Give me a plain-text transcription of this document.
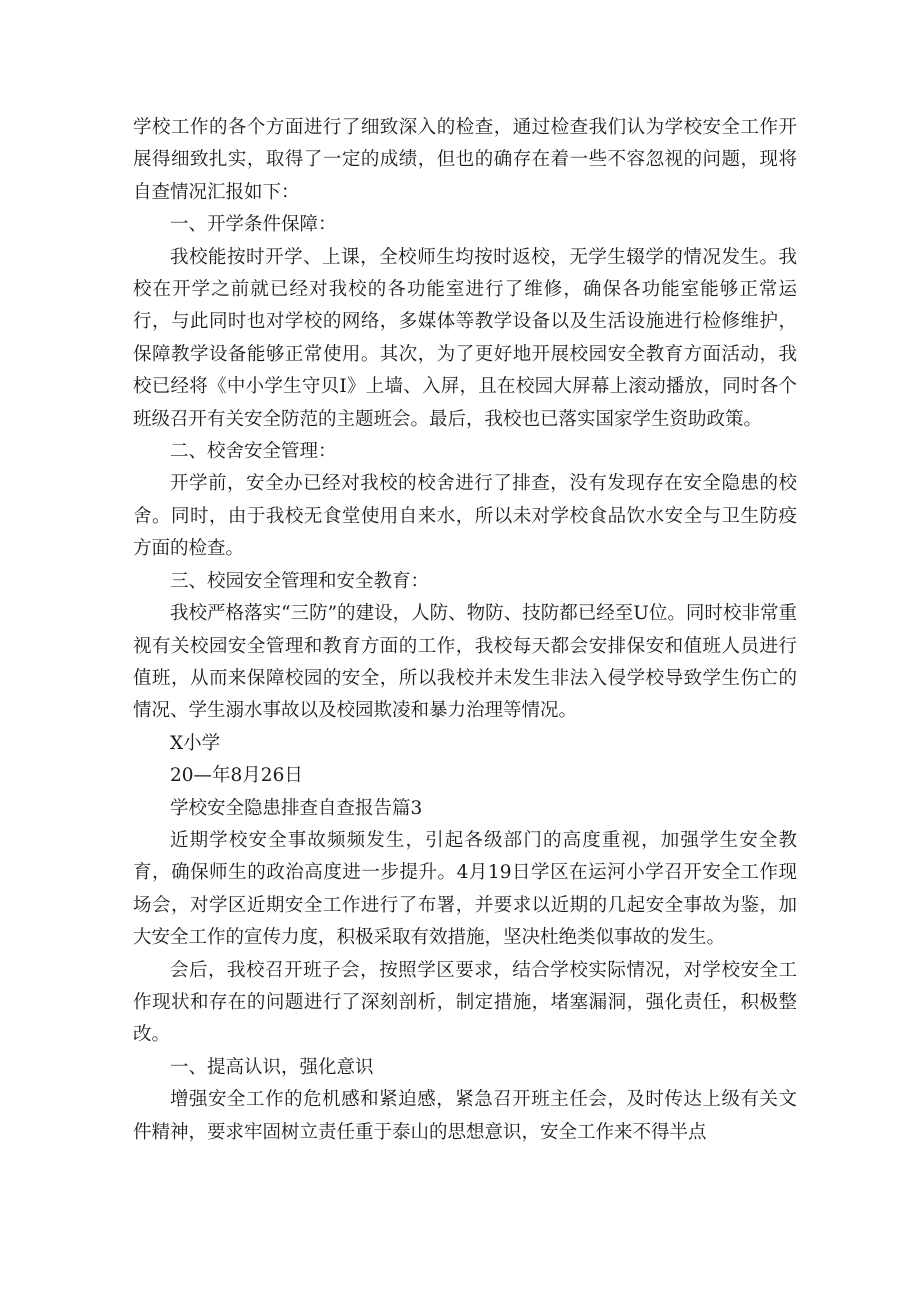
学校工作的各个方面进行了细致深入的检查，通过检查我们认为学校安全工作开展得细致扎实，取得了一定的成绩，但也的确存在着一些不容忽视的问题，现将自查情况汇报如下：

一、开学条件保障：

我校能按时开学、上课，全校师生均按时返校，无学生辍学的情况发生。我校在开学之前就已经对我校的各功能室进行了维修，确保各功能室能够正常运行，与此同时也对学校的网络，多媒体等教学设备以及生活设施进行检修维护，保障教学设备能够正常使用。其次，为了更好地开展校园安全教育方面活动，我校已经将《中小学生守贝I》上墙、入屏，且在校园大屏幕上滚动播放，同时各个班级召开有关安全防范的主题班会。最后，我校也已落实国家学生资助政策。

二、校舍安全管理：

开学前，安全办已经对我校的校舍进行了排查，没有发现存在安全隐患的校舍。同时，由于我校无食堂使用自来水，所以未对学校食品饮水安全与卫生防疫方面的检查。

三、校园安全管理和安全教育：

我校严格落实“三防”的建设，人防、物防、技防都已经至U位。同时校非常重视有关校园安全管理和教育方面的工作，我校每天都会安排保安和值班人员进行值班，从而来保障校园的安全，所以我校并未发生非法入侵学校导致学生伤亡的情况、学生溺水事故以及校园欺凌和暴力治理等情况。

X小学

20—年8月26日

学校安全隐患排查自查报告篇3

近期学校安全事故频频发生，引起各级部门的高度重视，加强学生安全教育，确保师生的政治高度进一步提升。4月19日学区在运河小学召开安全工作现场会，对学区近期安全工作进行了布署，并要求以近期的几起安全事故为鉴，加大安全工作的宣传力度，积极采取有效措施，坚决杜绝类似事故的发生。

会后，我校召开班子会，按照学区要求，结合学校实际情况，对学校安全工作现状和存在的问题进行了深刻剖析，制定措施，堵塞漏洞，强化责任，积极整改。

一、提高认识，强化意识

增强安全工作的危机感和紧迫感，紧急召开班主任会，及时传达上级有关文件精神，要求牢固树立责任重于泰山的思想意识，安全工作来不得半点
